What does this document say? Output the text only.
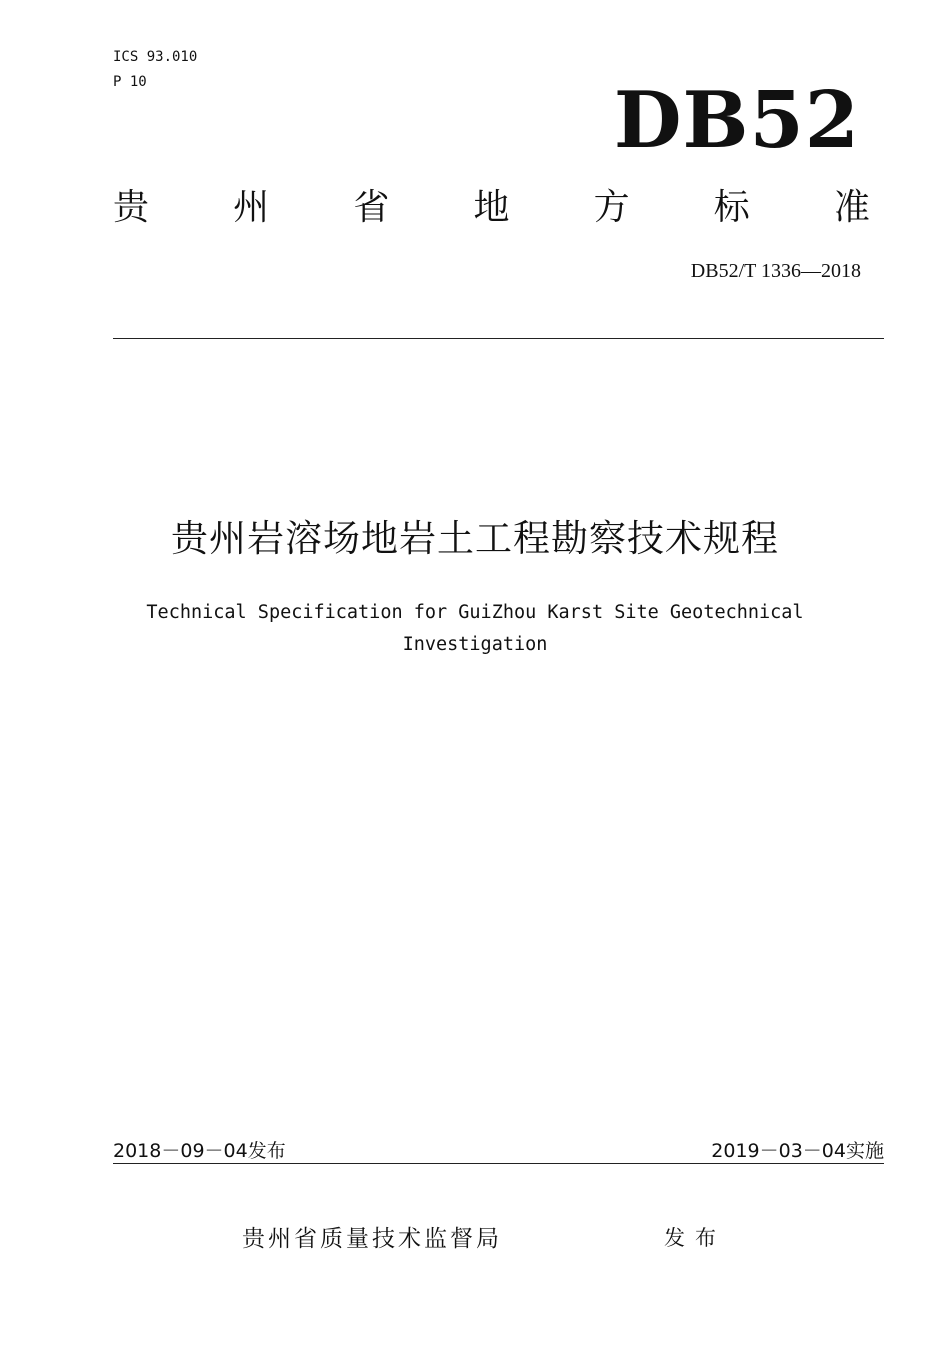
ICS 93.010
P 10	DB52
贵 州 省 地 方 标 准
DB52/T 1336—2018
贵州岩溶场地岩土工程勘察技术规程
Technical Specification for GuiZhou Karst Site Geotechnical
Investigation
2018－09－04发布	2019－03－04实施
贵州省质量技术监督局	发布
